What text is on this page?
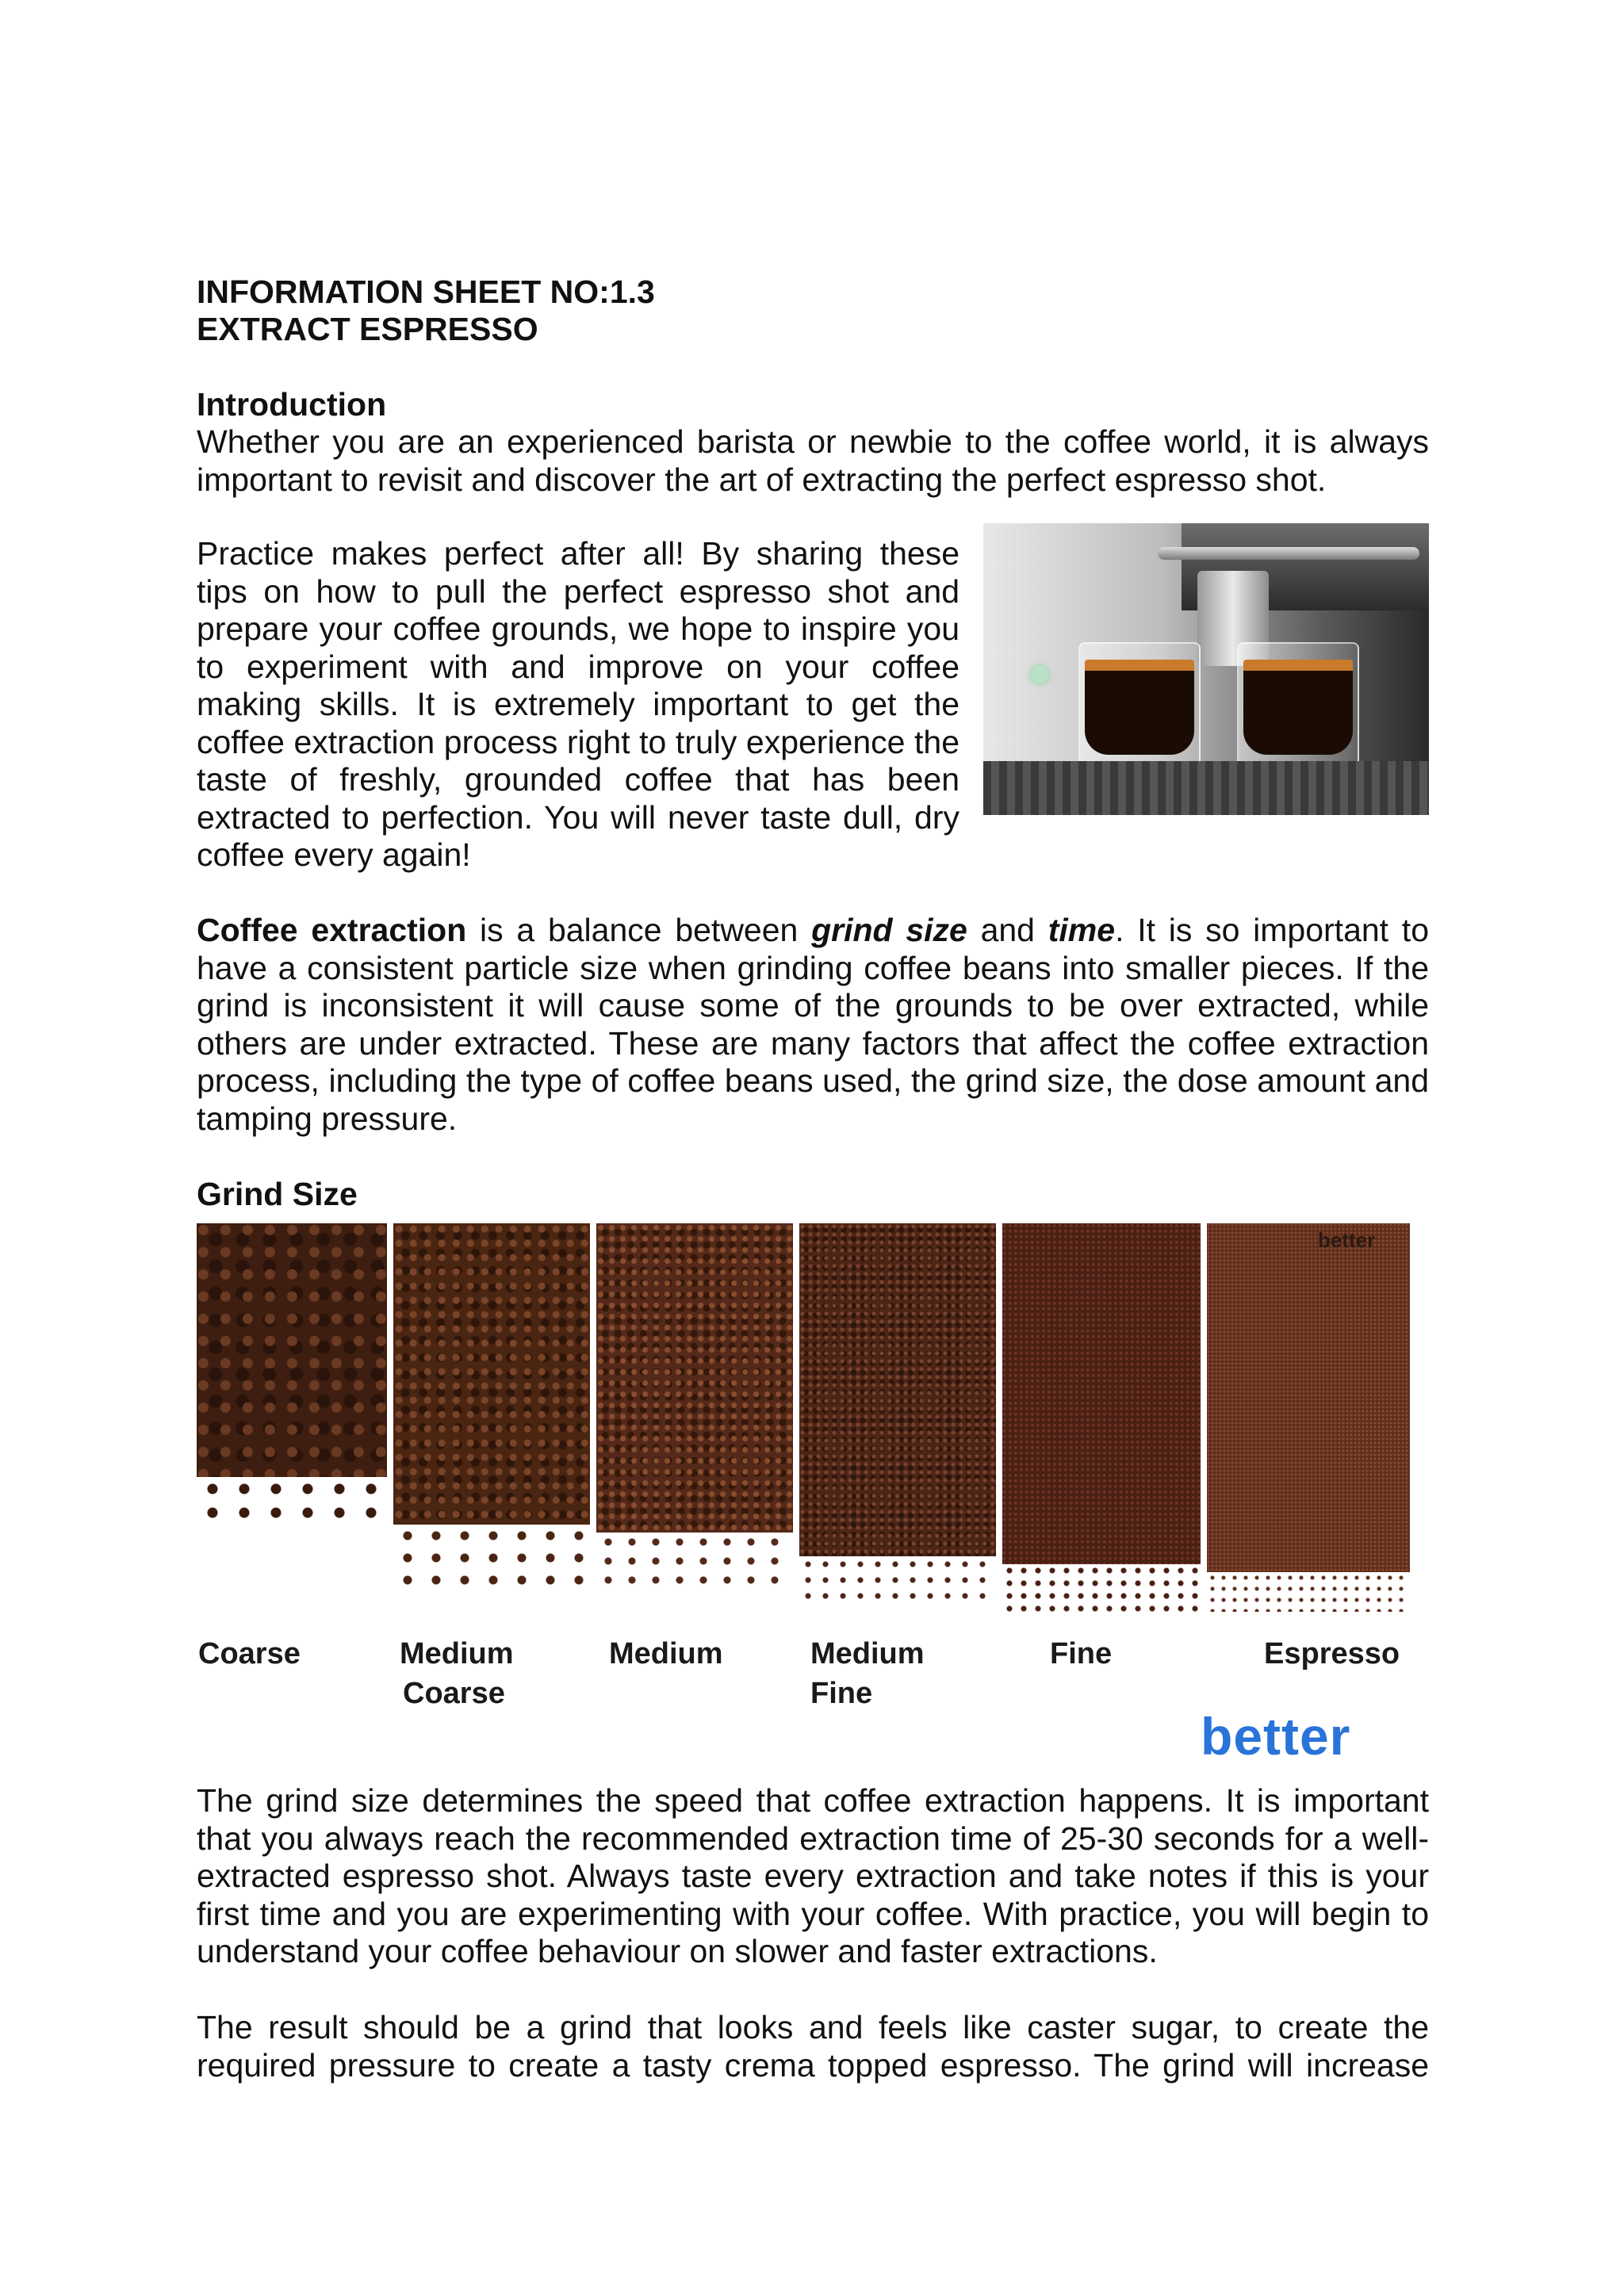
INFORMATION SHEET NO:1.3
EXTRACT ESPRESSO
Introduction
Whether you are an experienced barista or newbie to the coffee world, it is always important to revisit and discover the art of extracting the perfect espresso shot.
Practice makes perfect after all! By sharing these tips on how to pull the perfect espresso shot and prepare your coffee grounds, we hope to inspire you to experiment with and improve on your coffee making skills. It is extremely important to get the coffee extraction process right to truly experience the taste of freshly, grounded coffee that has been extracted to perfection. You will never taste dull, dry coffee every again!
Coffee extraction is a balance between grind size and time. It is so important to have a consistent particle size when grinding coffee beans into smaller pieces. If the grind is inconsistent it will cause some of the grounds to be over extracted, while others are under extracted. These are many factors that affect the coffee extraction process, including the type of coffee beans used, the grind size, the dose amount and tamping pressure.
Grind Size
better
Coarse	Medium
Coarse
Medium	Medium
Fine
Fine	Espresso
better
The grind size determines the speed that coffee extraction happens. It is important that you always reach the recommended extraction time of 25-30 seconds for a well-extracted espresso shot. Always taste every extraction and take notes if this is your first time and you are experimenting with your coffee. With practice, you will begin to understand your coffee behaviour on slower and faster extractions.
The result should be a grind that looks and feels like caster sugar, to create the required pressure to create a tasty crema topped espresso. The grind will increase
